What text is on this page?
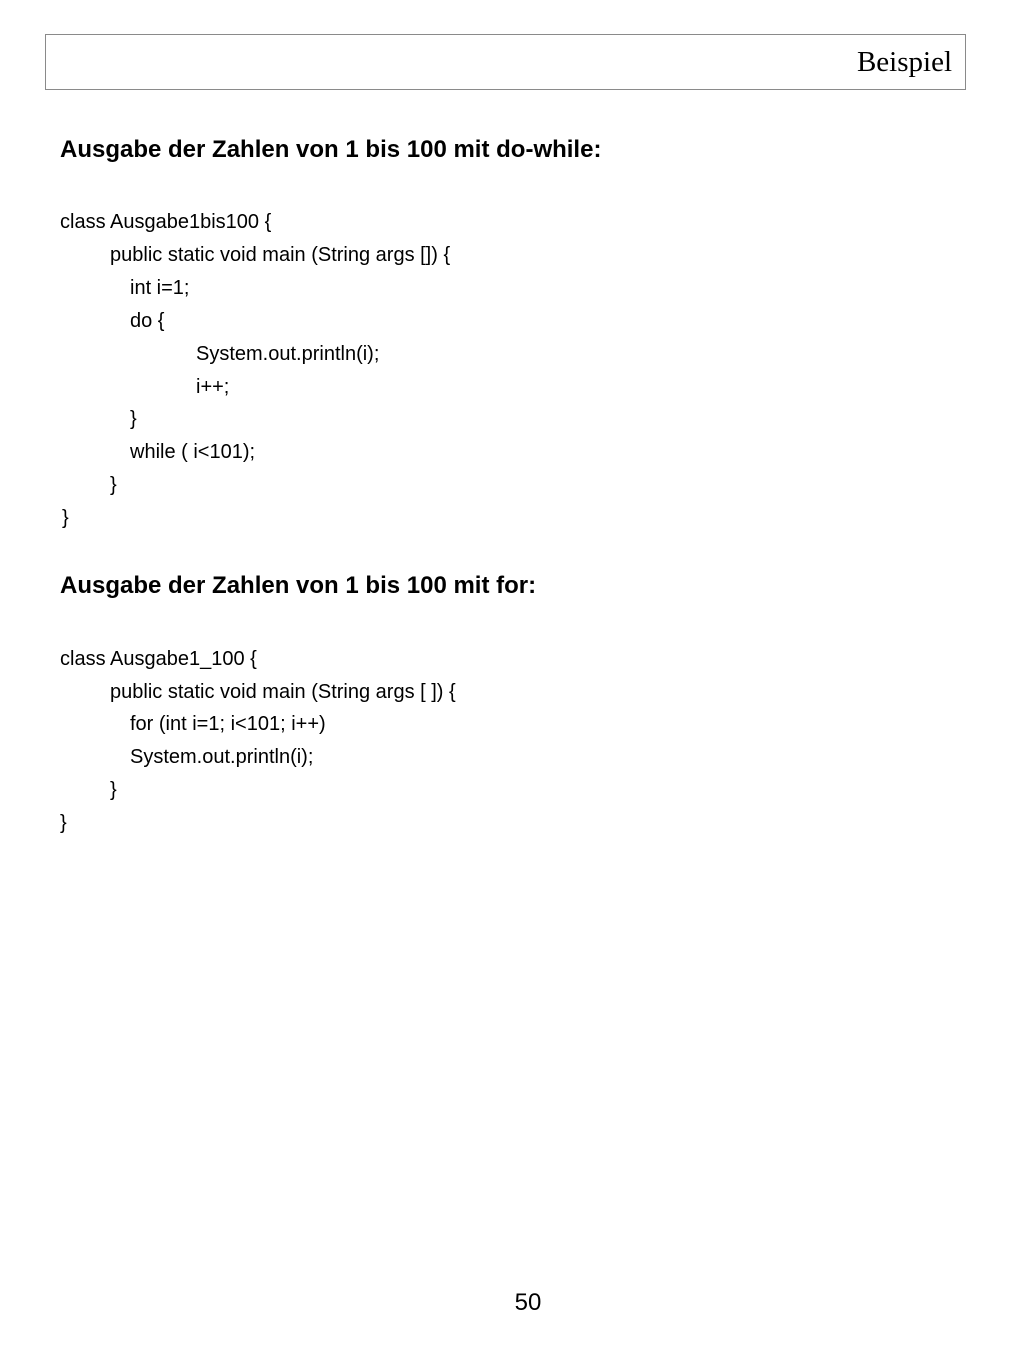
Beispiel
Ausgabe der Zahlen von 1 bis 100 mit do-while:
class Ausgabe1bis100 {
public static void main (String args []) {
int i=1;
do {
System.out.println(i);
i++;
}
while ( i<101);
}
}
Ausgabe der Zahlen von 1 bis 100 mit for:
class Ausgabe1_100 {
public static void main (String args [ ]) {
for (int i=1; i<101; i++)
System.out.println(i);
}
}
50
